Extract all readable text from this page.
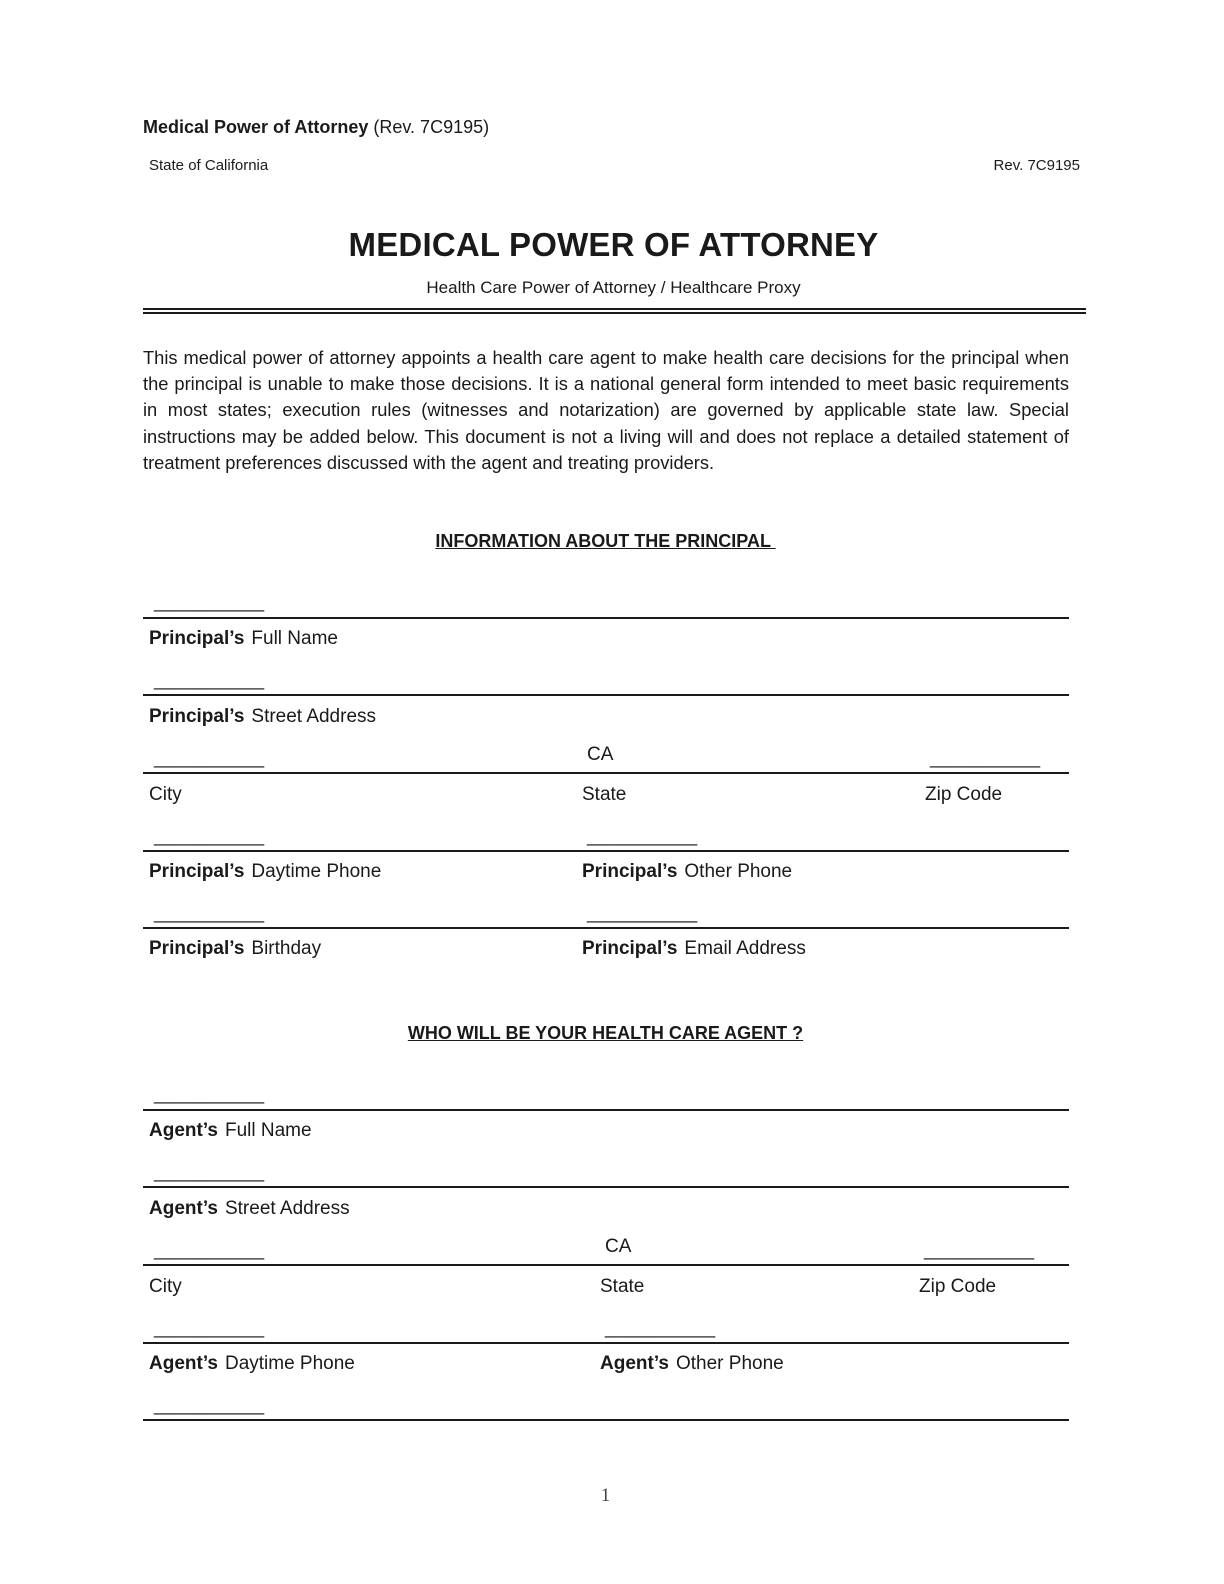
Medical Power of Attorney (Rev. 7C9195)
State of California	Rev. 7C9195
MEDICAL POWER OF ATTORNEY
Health Care Power of Attorney / Healthcare Proxy
This medical power of attorney appoints a health care agent to make health care decisions for the principal when the principal is unable to make those decisions. It is a national general form intended to meet basic requirements in most states; execution rules (witnesses and notarization) are governed by applicable state law. Special instructions may be added below. This document is not a living will and does not replace a detailed statement of treatment preferences discussed with the agent and treating providers.
INFORMATION ABOUT THE PRINCIPAL
___________
Principal’s Full Name
___________
Principal’s Street Address
___________	CA	___________
City	State	Zip Code
___________	___________
Principal’s Daytime Phone	Principal’s Other Phone
___________	___________
Principal’s Birthday	Principal’s Email Address
WHO WILL BE YOUR HEALTH CARE AGENT ?
___________
Agent’s Full Name
___________
Agent’s Street Address
___________	CA	___________
City	State	Zip Code
___________	___________
Agent’s Daytime Phone	Agent’s Other Phone
___________
1
